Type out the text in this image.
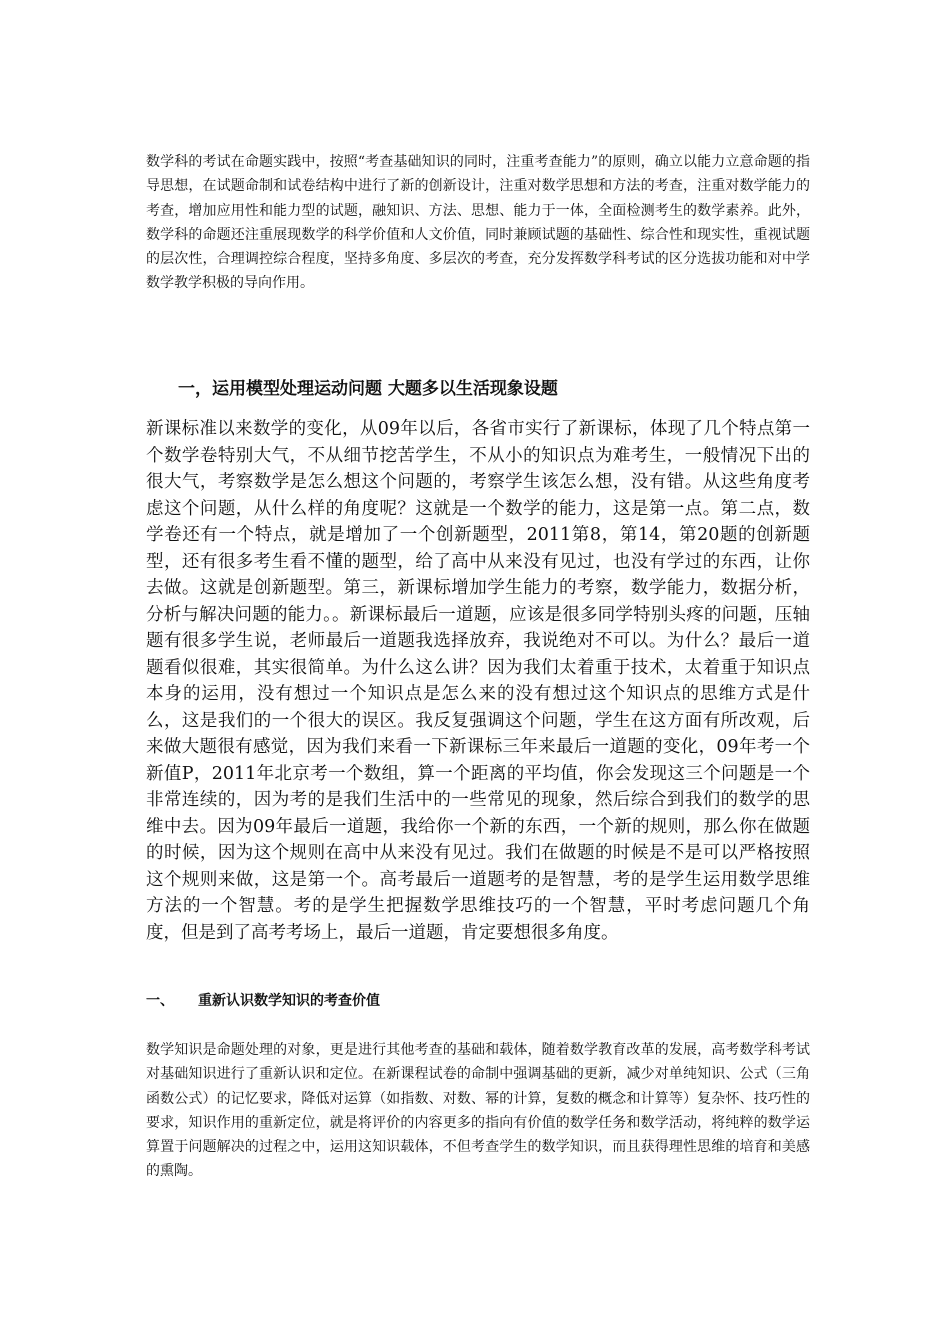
数学科的考试在命题实践中，按照“考查基础知识的同时，注重考查能力”的原则，确立以能力立意命题的指导思想，在试题命制和试卷结构中进行了新的创新设计，注重对数学思想和方法的考查，注重对数学能力的考查，增加应用性和能力型的试题，融知识、方法、思想、能力于一体，全面检测考生的数学素养。此外，数学科的命题还注重展现数学的科学价值和人文价值，同时兼顾试题的基础性、综合性和现实性，重视试题的层次性，合理调控综合程度，坚持多角度、多层次的考查，充分发挥数学科考试的区分选拔功能和对中学数学教学积极的导向作用。

一，运用模型处理运动问题 大题多以生活现象设题

新课标准以来数学的变化，从09年以后，各省市实行了新课标，体现了几个特点第一个数学卷特别大气，不从细节挖苦学生，不从小的知识点为难考生，一般情况下出的很大气，考察数学是怎么想这个问题的，考察学生该怎么想，没有错。从这些角度考虑这个问题，从什么样的角度呢？这就是一个数学的能力，这是第一点。第二点，数学卷还有一个特点，就是增加了一个创新题型，2011第8，第14，第20题的创新题型，还有很多考生看不懂的题型，给了高中从来没有见过，也没有学过的东西，让你去做。这就是创新题型。第三，新课标增加学生能力的考察，数学能力，数据分析，分析与解决问题的能力。。新课标最后一道题，应该是很多同学特别头疼的问题，压轴题有很多学生说，老师最后一道题我选择放弃，我说绝对不可以。为什么？最后一道题看似很难，其实很简单。为什么这么讲？因为我们太着重于技术，太着重于知识点本身的运用，没有想过一个知识点是怎么来的没有想过这个知识点的思维方式是什么，这是我们的一个很大的误区。我反复强调这个问题，学生在这方面有所改观，后来做大题很有感觉，因为我们来看一下新课标三年来最后一道题的变化，09年考一个新值P，2011年北京考一个数组，算一个距离的平均值，你会发现这三个问题是一个非常连续的，因为考的是我们生活中的一些常见的现象，然后综合到我们的数学的思维中去。因为09年最后一道题，我给你一个新的东西，一个新的规则，那么你在做题的时候，因为这个规则在高中从来没有见过。我们在做题的时候是不是可以严格按照这个规则来做，这是第一个。高考最后一道题考的是智慧，考的是学生运用数学思维方法的一个智慧。考的是学生把握数学思维技巧的一个智慧，平时考虑问题几个角度，但是到了高考考场上，最后一道题，肯定要想很多角度。

一、 重新认识数学知识的考查价值

数学知识是命题处理的对象，更是进行其他考查的基础和载体，随着数学教育改革的发展，高考数学科考试对基础知识进行了重新认识和定位。在新课程试卷的命制中强调基础的更新，减少对单纯知识、公式（三角函数公式）的记忆要求，降低对运算（如指数、对数、幂的计算，复数的概念和计算等）复杂怀、技巧性的要求，知识作用的重新定位，就是将评价的内容更多的指向有价值的数学任务和数学活动，将纯粹的数学运算置于问题解决的过程之中，运用这知识载体，不但考查学生的数学知识，而且获得理性思维的培育和美感的熏陶。
